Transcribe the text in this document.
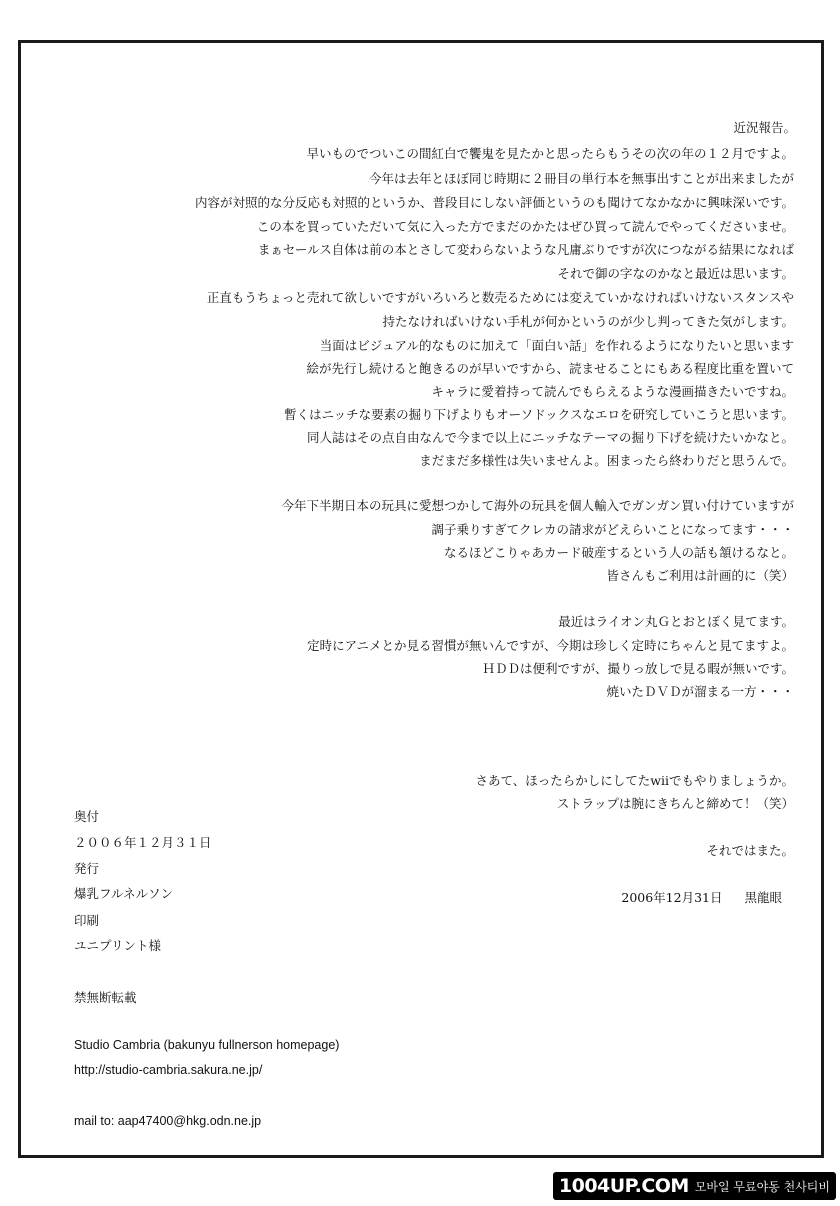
近況報告。
早いものでついこの間紅白で饗鬼を見たかと思ったらもうその次の年の１２月ですよ。
今年は去年とほぼ同じ時期に２冊目の単行本を無事出すことが出来ましたが
内容が対照的な分反応も対照的というか、普段目にしない評価というのも聞けてなかなかに興味深いです。
この本を買っていただいて気に入った方でまだのかたはぜひ買って読んでやってくださいませ。
まぁセールス自体は前の本とさして変わらないような凡庸ぶりですが次につながる結果になれば
それで御の字なのかなと最近は思います。
正直もうちょっと売れて欲しいですがいろいろと数売るためには変えていかなければいけないスタンスや
持たなければいけない手札が何かというのが少し判ってきた気がします。
当面はビジュアル的なものに加えて「面白い話」を作れるようになりたいと思います
絵が先行し続けると飽きるのが早いですから、読ませることにもある程度比重を置いて
キャラに愛着持って読んでもらえるような漫画描きたいですね。
暫くはニッチな要素の掘り下げよりもオーソドックスなエロを研究していこうと思います。
同人誌はその点自由なんで今まで以上にニッチなテーマの掘り下げを続けたいかなと。
まだまだ多様性は失いませんよ。困まったら終わりだと思うんで。
今年下半期日本の玩具に愛想つかして海外の玩具を個人輸入でガンガン買い付けていますが
調子乗りすぎてクレカの請求がどえらいことになってます・・・
なるほどこりゃあカード破産するという人の話も頷けるなと。
皆さんもご利用は計画的に（笑）
最近はライオン丸Ｇとおとぼく見てます。
定時にアニメとか見る習慣が無いんですが、今期は珍しく定時にちゃんと見てますよ。
ＨＤＤは便利ですが、撮りっ放しで見る暇が無いです。
焼いたＤＶＤが溜まる一方・・・
さあて、ほったらかしにしてたwiiでもやりましょうか。
ストラップは腕にきちんと締めて！（笑）
それではまた。
2006年12月31日 黒龍眼
奥付
２００６年１２月３１日
発行
爆乳フルネルソン
印刷
ユニプリント様
禁無断転載
Studio Cambria (bakunyu fullnerson homepage)
http://studio-cambria.sakura.ne.jp/
mail to: aap47400@hkg.odn.ne.jp
1004UP.COM 모바일 무료야동 천사티비
